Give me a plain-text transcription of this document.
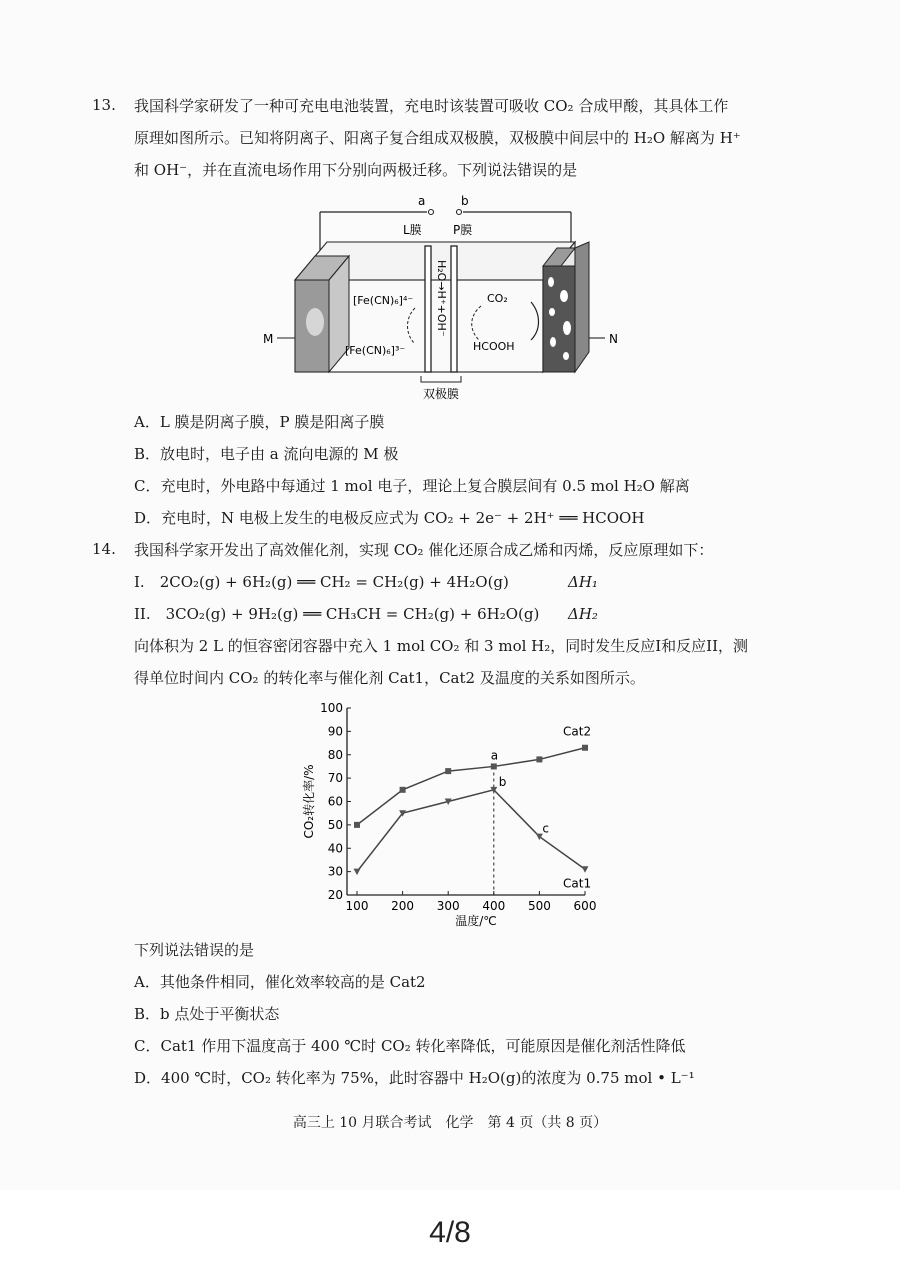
13. 我国科学家研发了一种可充电电池装置，充电时该装置可吸收 CO₂ 合成甲酸，其具体工作
原理如图所示。已知将阴离子、阳离子复合组成双极膜，双极膜中间层中的 H₂O 解离为 H⁺
和 OH⁻，并在直流电场作用下分别向两极迁移。下列说法错误的是
a	b
L膜	P膜
M	N
H₂O→H⁺+OH⁻
[Fe(CN)₆]⁴⁻
[Fe(CN)₆]³⁻
CO₂
HCOOH
双极膜
A．L 膜是阴离子膜，P 膜是阳离子膜
B．放电时，电子由 a 流向电源的 M 极
C．充电时，外电路中每通过 1 mol 电子，理论上复合膜层间有 0.5 mol H₂O 解离
D．充电时，N 电极上发生的电极反应式为 CO₂ + 2e⁻ + 2H⁺ ══ HCOOH
14. 我国科学家开发出了高效催化剂，实现 CO₂ 催化还原合成乙烯和丙烯，反应原理如下：
I.　2CO₂(g) + 6H₂(g) ══ CH₂ = CH₂(g) + 4H₂O(g)	ΔH₁
II.　3CO₂(g) + 9H₂(g) ══ CH₃CH = CH₂(g) + 6H₂O(g) ΔH₂
向体积为 2 L 的恒容密闭容器中充入 1 mol CO₂ 和 3 mol H₂，同时发生反应I和反应II，测
得单位时间内 CO₂ 的转化率与催化剂 Cat1，Cat2 及温度的关系如图所示。
20
30
40
50
60
70
80
90
100
100 200 300 400 500 600
温度/℃
CO₂转化率/%
Cat2
Cat1
a
b
c
下列说法错误的是
A．其他条件相同，催化效率较高的是 Cat2
B．b 点处于平衡状态
C．Cat1 作用下温度高于 400 ℃时 CO₂ 转化率降低，可能原因是催化剂活性降低
D．400 ℃时，CO₂ 转化率为 75%，此时容器中 H₂O(g)的浓度为 0.75 mol • L⁻¹
高三上 10 月联合考试　化学　第 4 页（共 8 页）
4/8
